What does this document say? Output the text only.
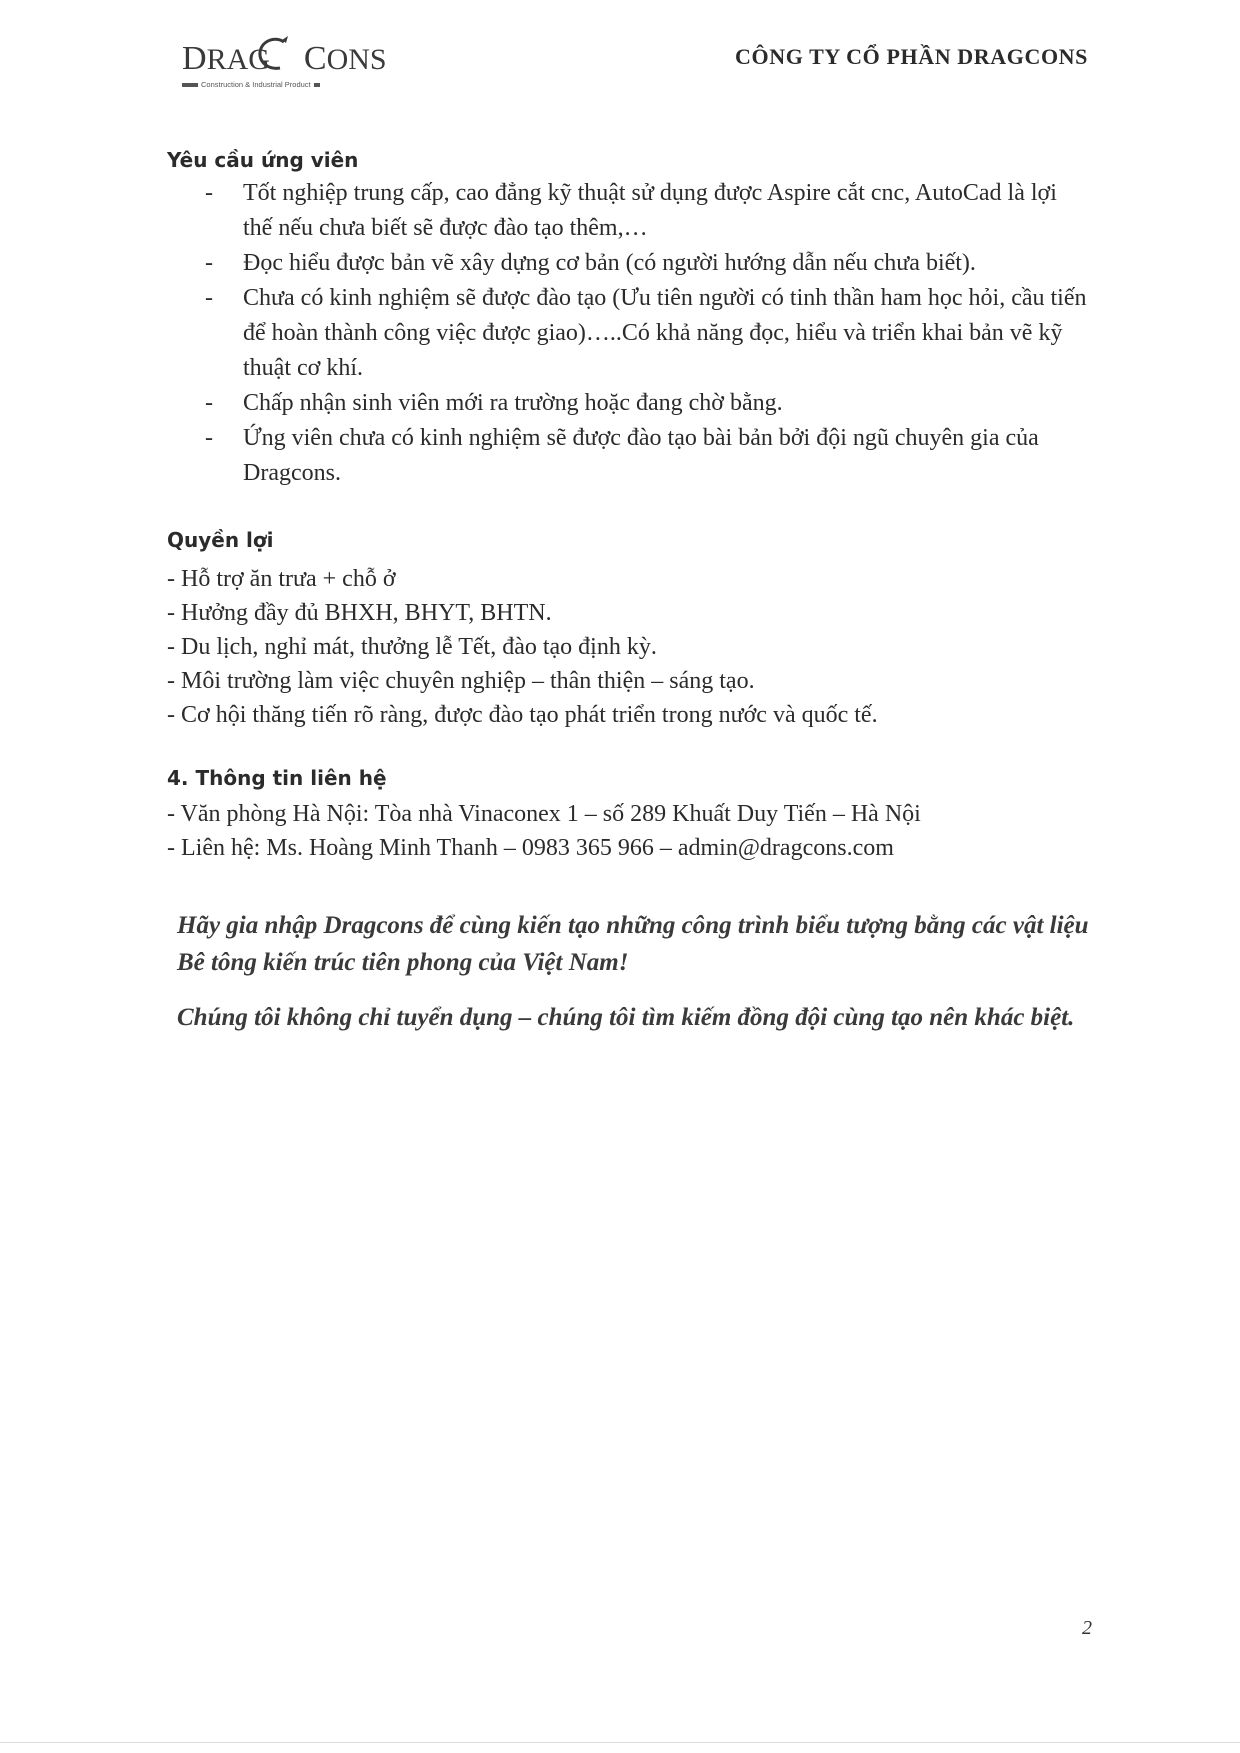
DRAG CONS
Construction & Industrial Product
CÔNG TY CỔ PHẦN DRAGCONS
Yêu cầu ứng viên
- Tốt nghiệp trung cấp, cao đẳng kỹ thuật sử dụng được Aspire cắt cnc, AutoCad là lợi thế nếu chưa biết sẽ được đào tạo thêm,…
- Đọc hiểu được bản vẽ xây dựng cơ bản (có người hướng dẫn nếu chưa biết).
- Chưa có kinh nghiệm sẽ được đào tạo (Ưu tiên người có tinh thần ham học hỏi, cầu tiến để hoàn thành công việc được giao)…..Có khả năng đọc, hiểu và triển khai bản vẽ kỹ thuật cơ khí.
- Chấp nhận sinh viên mới ra trường hoặc đang chờ bằng.
- Ứng viên chưa có kinh nghiệm sẽ được đào tạo bài bản bởi đội ngũ chuyên gia của Dragcons.
Quyền lợi
- Hỗ trợ ăn trưa + chỗ ở
- Hưởng đầy đủ BHXH, BHYT, BHTN.
- Du lịch, nghỉ mát, thưởng lễ Tết, đào tạo định kỳ.
- Môi trường làm việc chuyên nghiệp – thân thiện – sáng tạo.
- Cơ hội thăng tiến rõ ràng, được đào tạo phát triển trong nước và quốc tế.
4. Thông tin liên hệ
- Văn phòng Hà Nội: Tòa nhà Vinaconex 1 – số 289 Khuất Duy Tiến – Hà Nội
- Liên hệ: Ms. Hoàng Minh Thanh – 0983 365 966 – admin@dragcons.com

Hãy gia nhập Dragcons để cùng kiến tạo những công trình biểu tượng bằng các vật liệu Bê tông kiến trúc tiên phong của Việt Nam!

Chúng tôi không chỉ tuyển dụng – chúng tôi tìm kiếm đồng đội cùng tạo nên khác biệt.

2
